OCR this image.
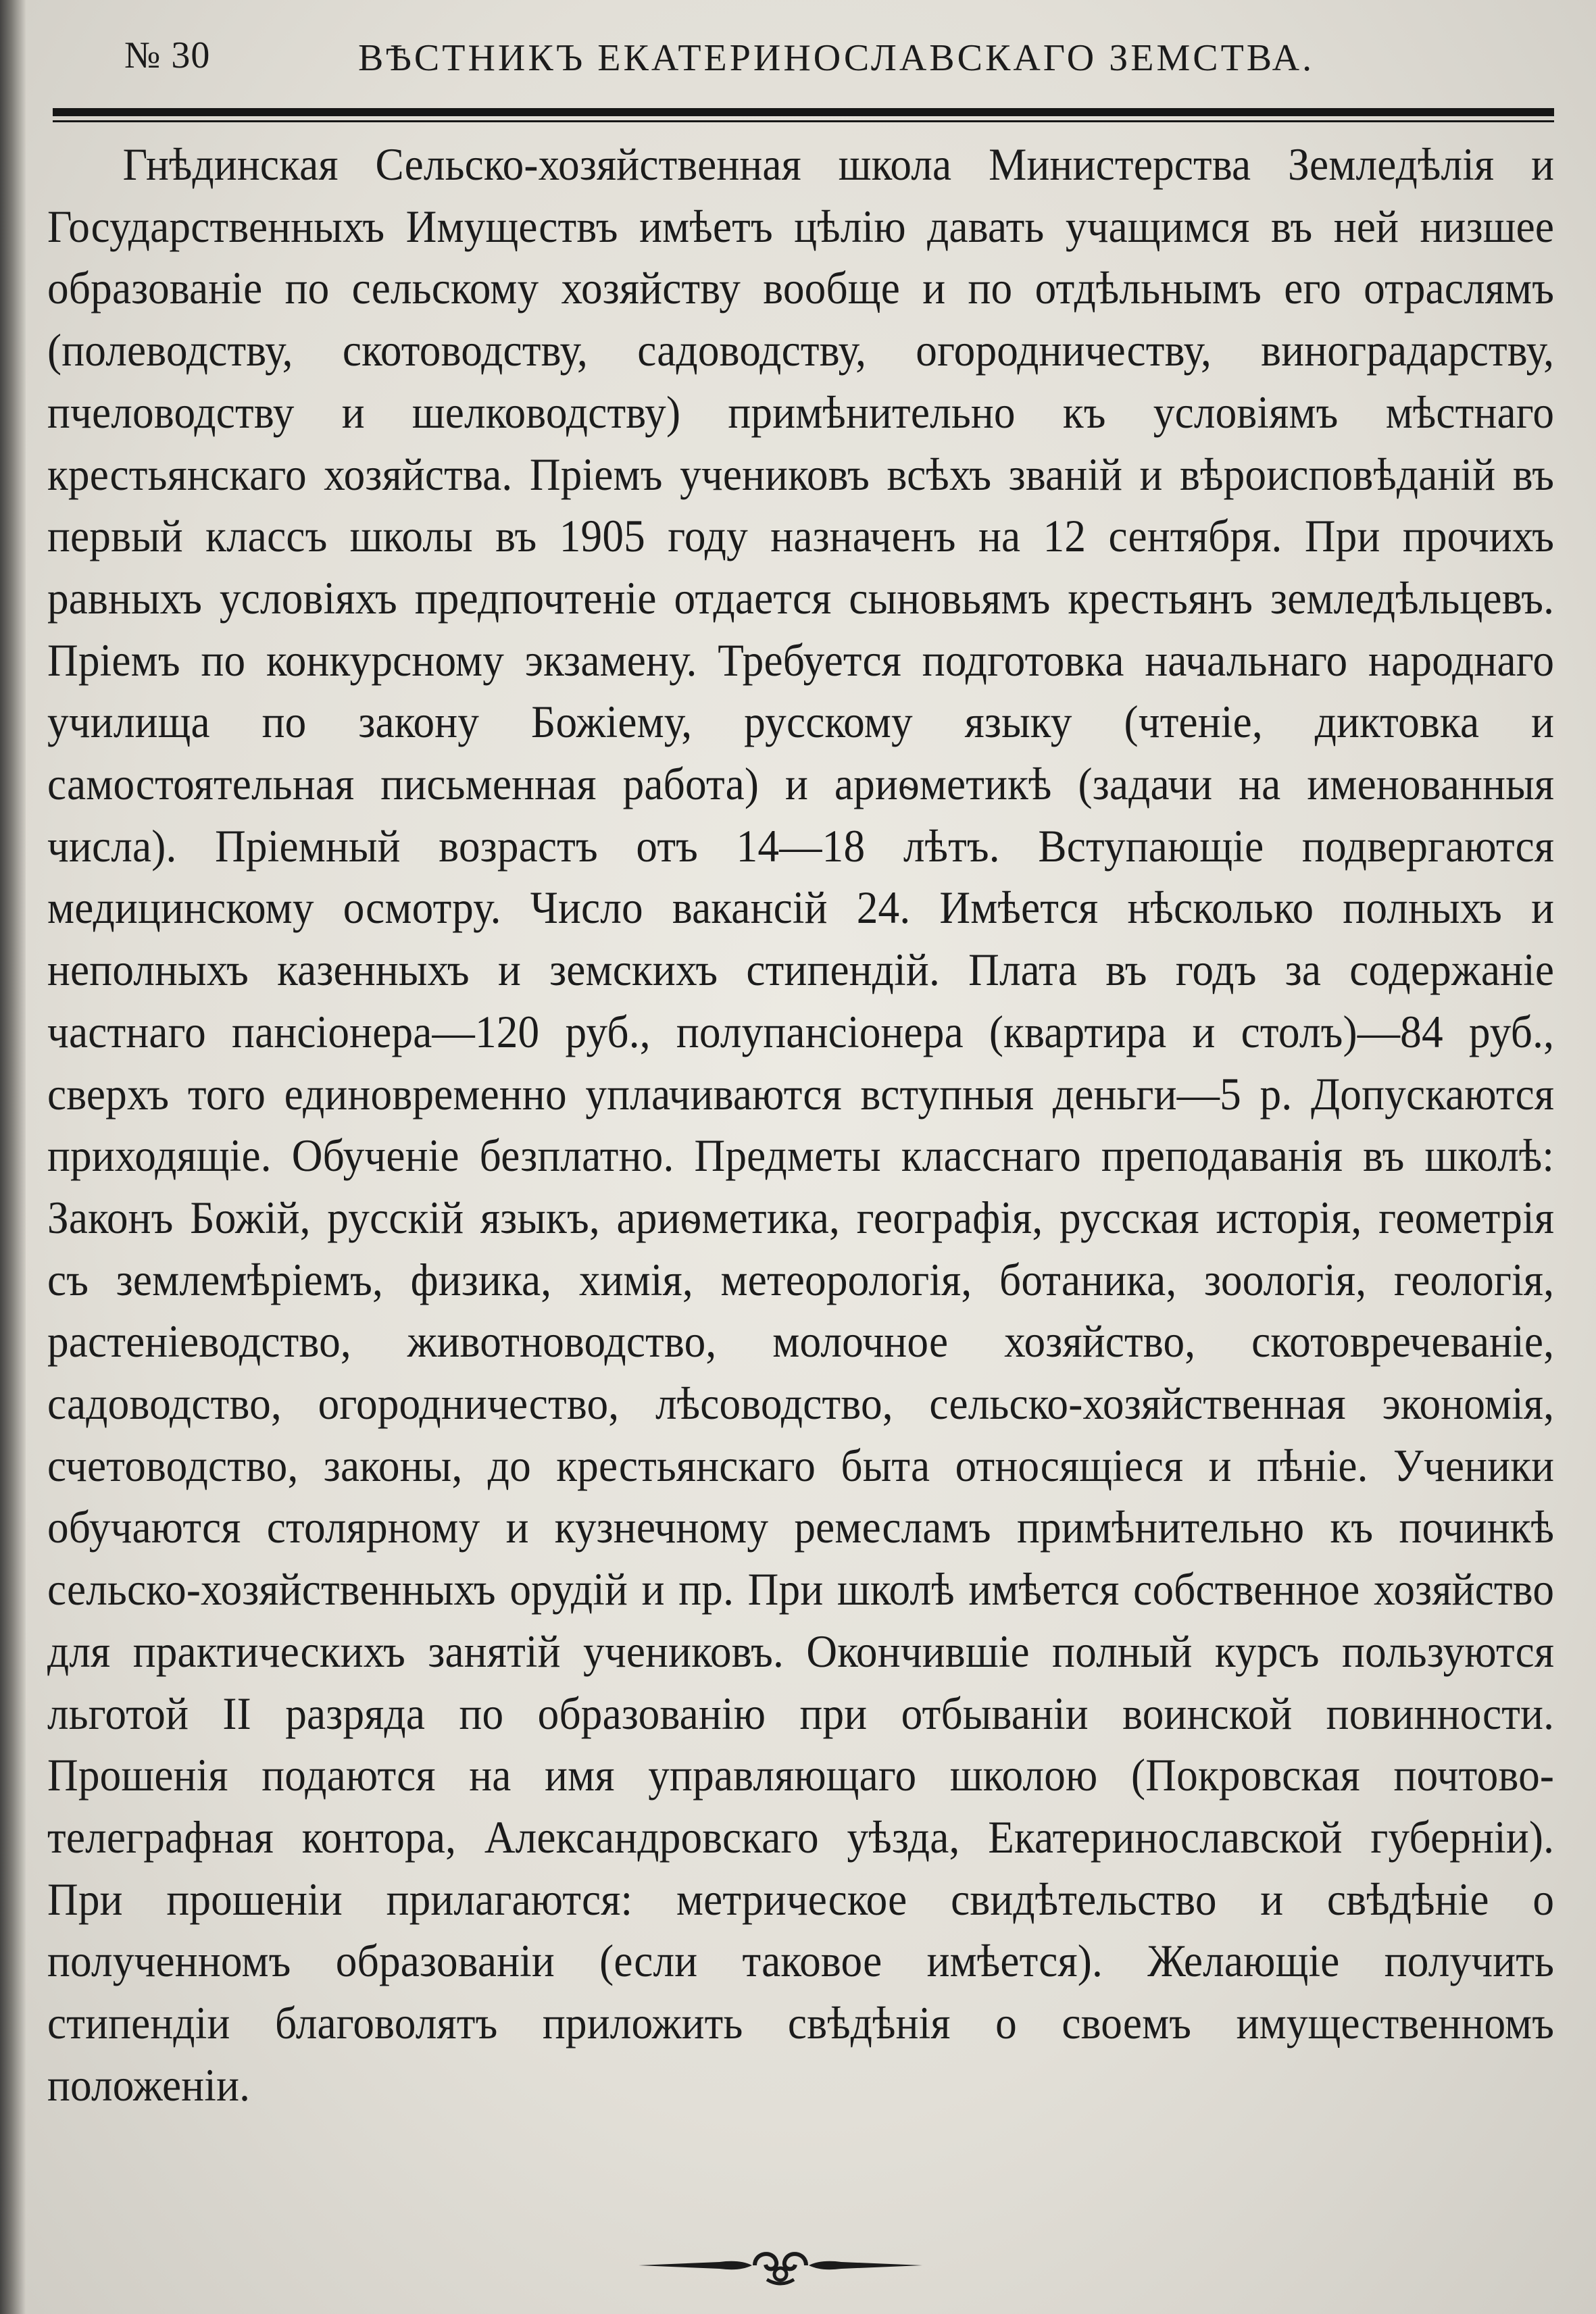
№ 30	ВѢСТНИКЪ ЕКАТЕРИНОСЛАВСКАГО ЗЕМСТВА.

Гнѣдинская Сельско-хозяйственная школа Министерства Земледѣлія и Государственныхъ Имуществъ имѣетъ цѣлію давать учащимся въ ней низшее образованіе по сельскому хозяйству вообще и по отдѣльнымъ его отраслямъ (полеводству, скотоводству, садоводству, огородничеству, виноградарству, пчеловодству и шелководству) примѣнительно къ условіямъ мѣстнаго крестьянскаго хозяйства. Пріемъ учениковъ всѣхъ званій и вѣроисповѣданій въ первый классъ школы въ 1905 году назначенъ на 12 сентября. При прочихъ равныхъ условіяхъ предпочтеніе отдается сыновьямъ крестьянъ земледѣльцевъ. Пріемъ по конкурсному экзамену. Требуется подготовка начальнаго народнаго училища по закону Божіему, русскому языку (чтеніе, диктовка и самостоятельная письменная работа) и ариѳметикѣ (задачи на именованныя числа). Пріемный возрастъ отъ 14—18 лѣтъ. Вступающіе подвергаются медицинскому осмотру. Число вакансій 24. Имѣется нѣсколько полныхъ и неполныхъ казенныхъ и земскихъ стипендій. Плата въ годъ за содержаніе частнаго пансіонера—120 руб., полупансіонера (квартира и столъ)—84 руб., сверхъ того единовременно уплачиваются вступныя деньги—5 р. Допускаются приходящіе. Обученіе безплатно. Предметы класснаго преподаванія въ школѣ: Законъ Божій, русскій языкъ, ариѳметика, географія, русская исторія, геометрія съ землемѣріемъ, физика, химія, метеорологія, ботаника, зоологія, геологія, растеніеводство, животноводство, молочное хозяйство, скотовречеваніе, садоводство, огородничество, лѣсоводство, сельско-хозяйственная экономія, счетоводство, законы, до крестьянскаго быта относящіеся и пѣніе. Ученики обучаются столярному и кузнечному ремесламъ примѣнительно къ починкѣ сельско-хозяйственныхъ орудій и пр. При школѣ имѣется собственное хозяйство для практическихъ занятій учениковъ. Окончившіе полный курсъ пользуются льготой II разряда по образованію при отбываніи воинской повинности. Прошенія подаются на имя управляющаго школою (Покровская почтово-телеграфная контора, Александровскаго уѣзда, Екатеринославской губерніи). При прошеніи прилагаются: метрическое свидѣтельство и свѣдѣніе о полученномъ образованіи (если таковое имѣется). Желающіе получить стипендіи благоволятъ приложить свѣдѣнія о своемъ имущественномъ положеніи.
